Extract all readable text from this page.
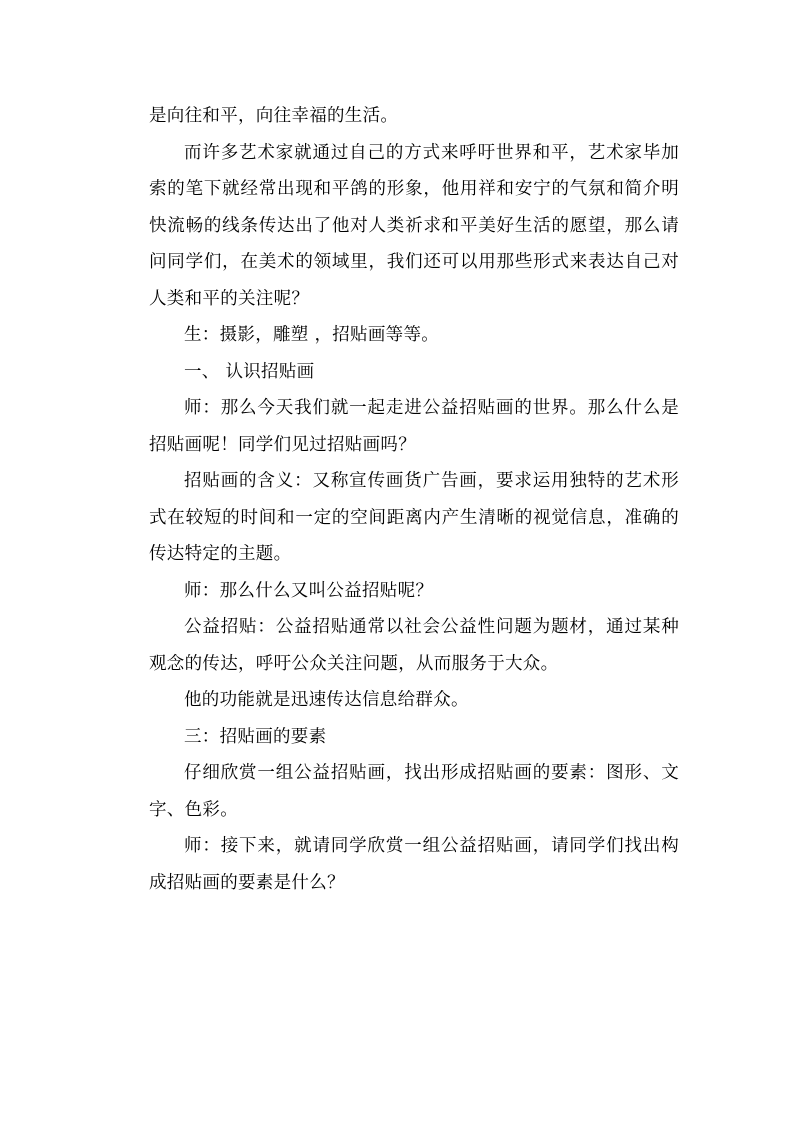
是向往和平，向往幸福的生活。

而许多艺术家就通过自己的方式来呼吁世界和平，艺术家毕加索的笔下就经常出现和平鸽的形象，他用祥和安宁的气氛和简介明快流畅的线条传达出了他对人类祈求和平美好生活的愿望，那么请问同学们，在美术的领域里，我们还可以用那些形式来表达自己对人类和平的关注呢？

生：摄影，雕塑 ，招贴画等等。

一、 认识招贴画

师：那么今天我们就一起走进公益招贴画的世界。那么什么是招贴画呢！同学们见过招贴画吗？

招贴画的含义：又称宣传画货广告画，要求运用独特的艺术形式在较短的时间和一定的空间距离内产生清晰的视觉信息，准确的传达特定的主题。

师：那么什么又叫公益招贴呢？

公益招贴：公益招贴通常以社会公益性问题为题材，通过某种观念的传达，呼吁公众关注问题，从而服务于大众。

他的功能就是迅速传达信息给群众。

三：招贴画的要素

仔细欣赏一组公益招贴画，找出形成招贴画的要素：图形、文字、色彩。

师：接下来，就请同学欣赏一组公益招贴画，请同学们找出构成招贴画的要素是什么？
